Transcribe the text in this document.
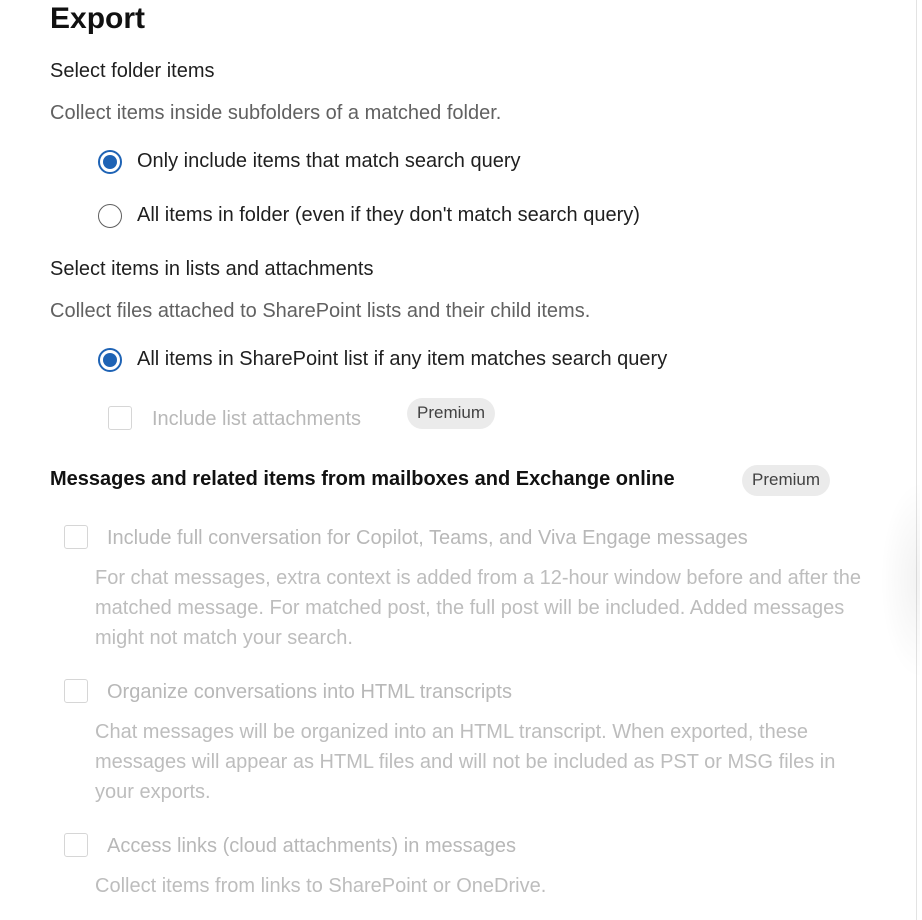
Export
Select folder items
Collect items inside subfolders of a matched folder.
Only include items that match search query
All items in folder (even if they don't match search query)
Select items in lists and attachments
Collect files attached to SharePoint lists and their child items.
All items in SharePoint list if any item matches search query
Include list attachments	Premium
Messages and related items from mailboxes and Exchange online	Premium
Include full conversation for Copilot, Teams, and Viva Engage messages
For chat messages, extra context is added from a 12-hour window before and after the matched message. For matched post, the full post will be included. Added messages might not match your search.
Organize conversations into HTML transcripts
Chat messages will be organized into an HTML transcript. When exported, these messages will appear as HTML files and will not be included as PST or MSG files in your exports.
Access links (cloud attachments) in messages
Collect items from links to SharePoint or OneDrive.
